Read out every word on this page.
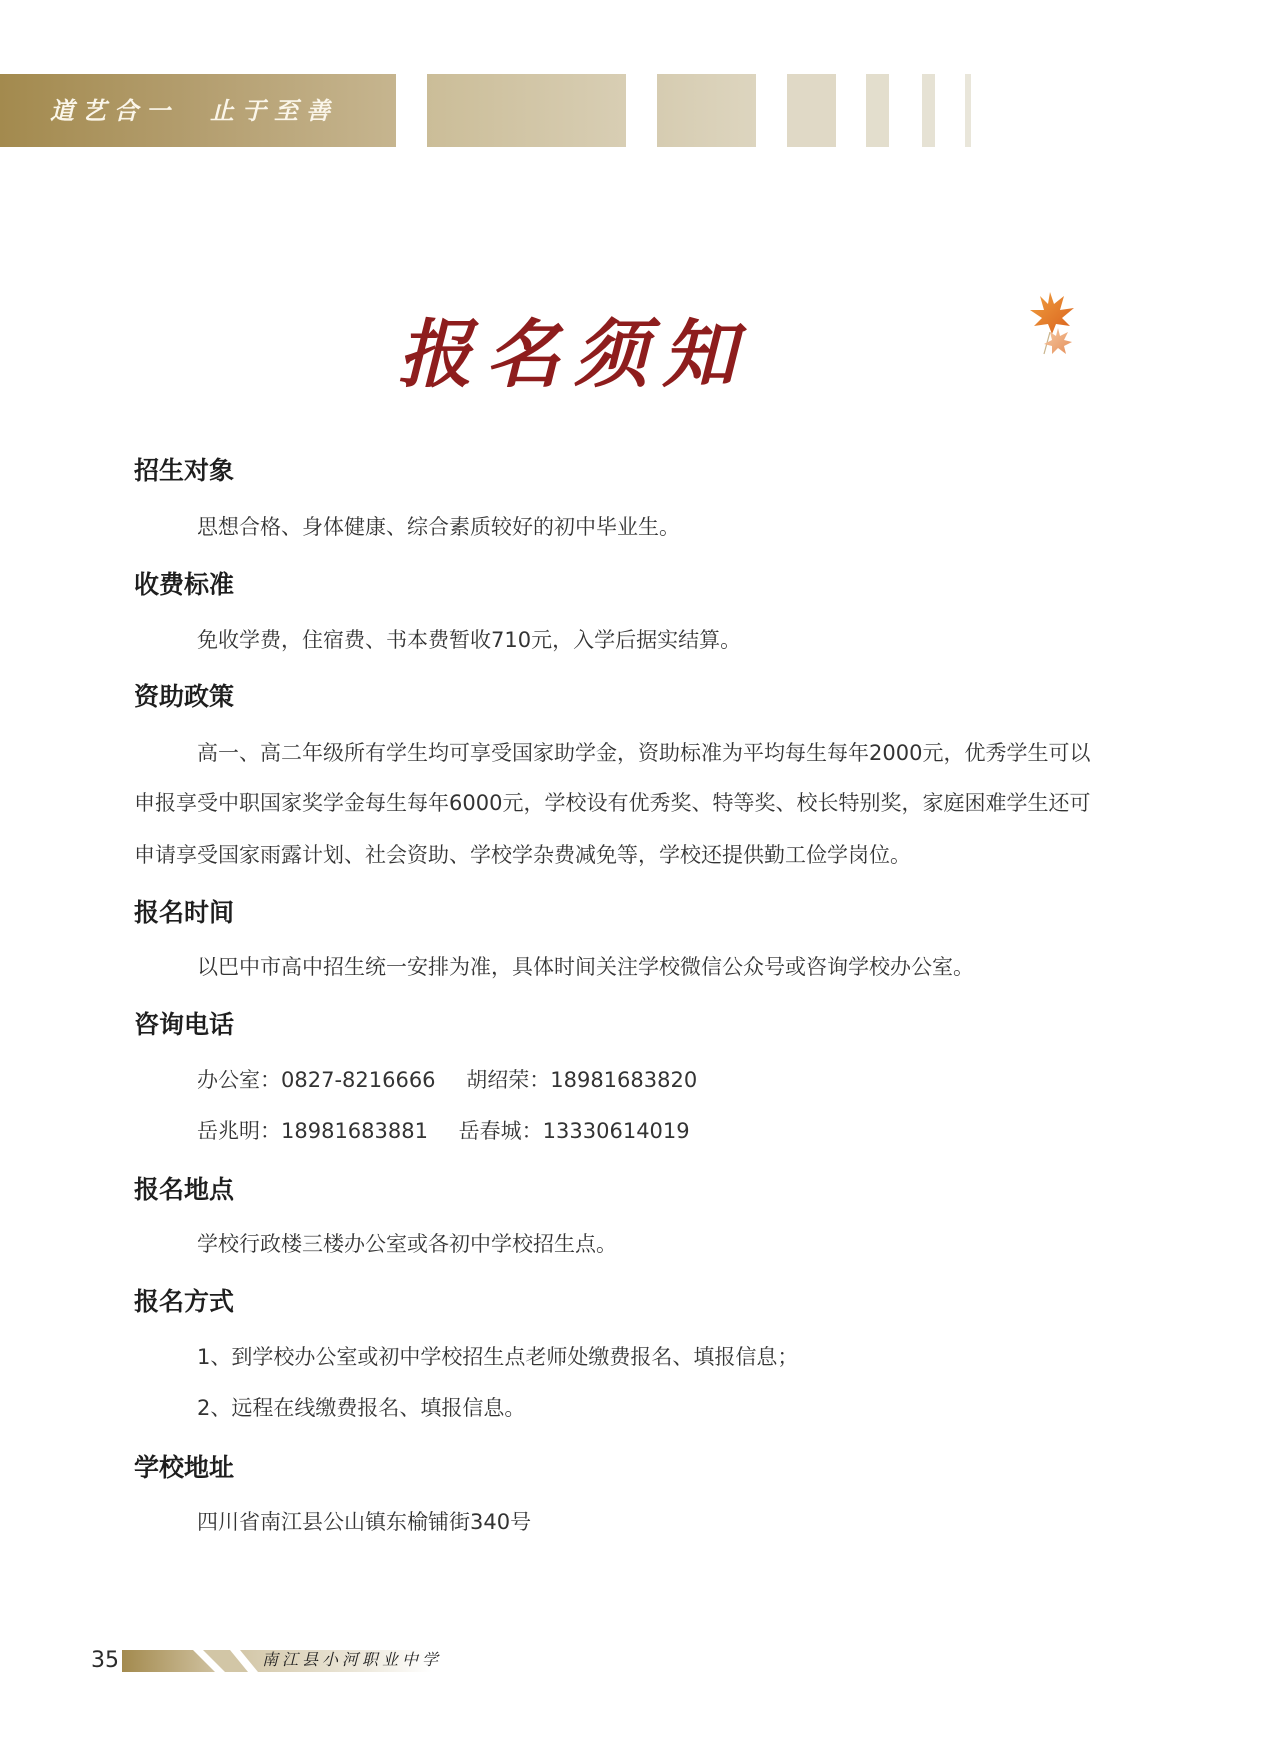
道艺合一　止于至善
报名须知
招生对象

思想合格、身体健康、综合素质较好的初中毕业生。

收费标准

免收学费，住宿费、书本费暂收710元，入学后据实结算。

资助政策

高一、高二年级所有学生均可享受国家助学金，资助标准为平均每生每年2000元，优秀学生可以

申报享受中职国家奖学金每生每年6000元，学校设有优秀奖、特等奖、校长特别奖，家庭困难学生还可

申请享受国家雨露计划、社会资助、学校学杂费减免等，学校还提供勤工俭学岗位。

报名时间

以巴中市高中招生统一安排为准，具体时间关注学校微信公众号或咨询学校办公室。

咨询电话
办公室：0827-8216666 胡绍荣：18981683820
岳兆明：18981683881 岳春城：13330614019
报名地点

学校行政楼三楼办公室或各初中学校招生点。

报名方式

1、到学校办公室或初中学校招生点老师处缴费报名、填报信息；

2、远程在线缴费报名、填报信息。

学校地址

四川省南江县公山镇东榆铺街340号

35	南江县小河职业中学
